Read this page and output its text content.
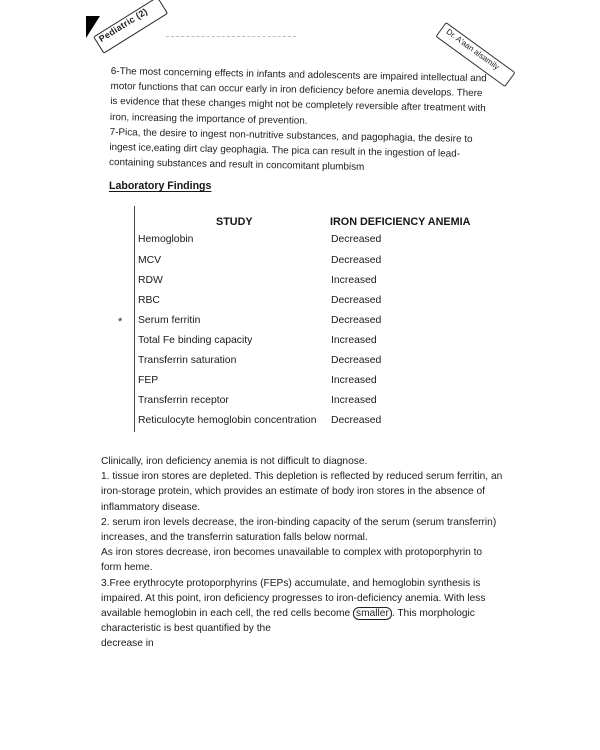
Pediatric (2)
Dr. A'aan alsamily

6-The most concerning effects in infants and adolescents are impaired intellectual and motor functions that can occur early in iron deficiency before anemia develops. There is evidence that these changes might not be completely reversible after treatment with iron, increasing the importance of prevention.

7-Pica, the desire to ingest non-nutritive substances, and pagophagia, the desire to ingest ice,eating dirt clay geophagia. The pica can result in the ingestion of lead-containing substances and result in concomitant plumbism

Laboratory Findings
STUDY	IRON DEFICIENCY ANEMIA
*
Hemoglobin	Decreased
MCV	Decreased
RDW	Increased
RBC	Decreased
Serum ferritin	Decreased
Total Fe binding capacity	Increased
Transferrin saturation	Decreased
FEP	Increased
Transferrin receptor	Increased
Reticulocyte hemoglobin concentration Decreased

Clinically, iron deficiency anemia is not difficult to diagnose.

1. tissue iron stores are depleted. This depletion is reflected by reduced serum ferritin, an iron-storage protein, which provides an estimate of body iron stores in the absence of inflammatory disease.

2. serum iron levels decrease, the iron-binding capacity of the serum (serum transferrin) increases, and the transferrin saturation falls below normal.

As iron stores decrease, iron becomes unavailable to complex with protoporphyrin to form heme.

3.Free erythrocyte protoporphyrins (FEPs) accumulate, and hemoglobin synthesis is impaired. At this point, iron deficiency progresses to iron-deficiency anemia. With less available hemoglobin in each cell, the red cells become smaller . This morphologic characteristic is best quantified by the

decrease in
